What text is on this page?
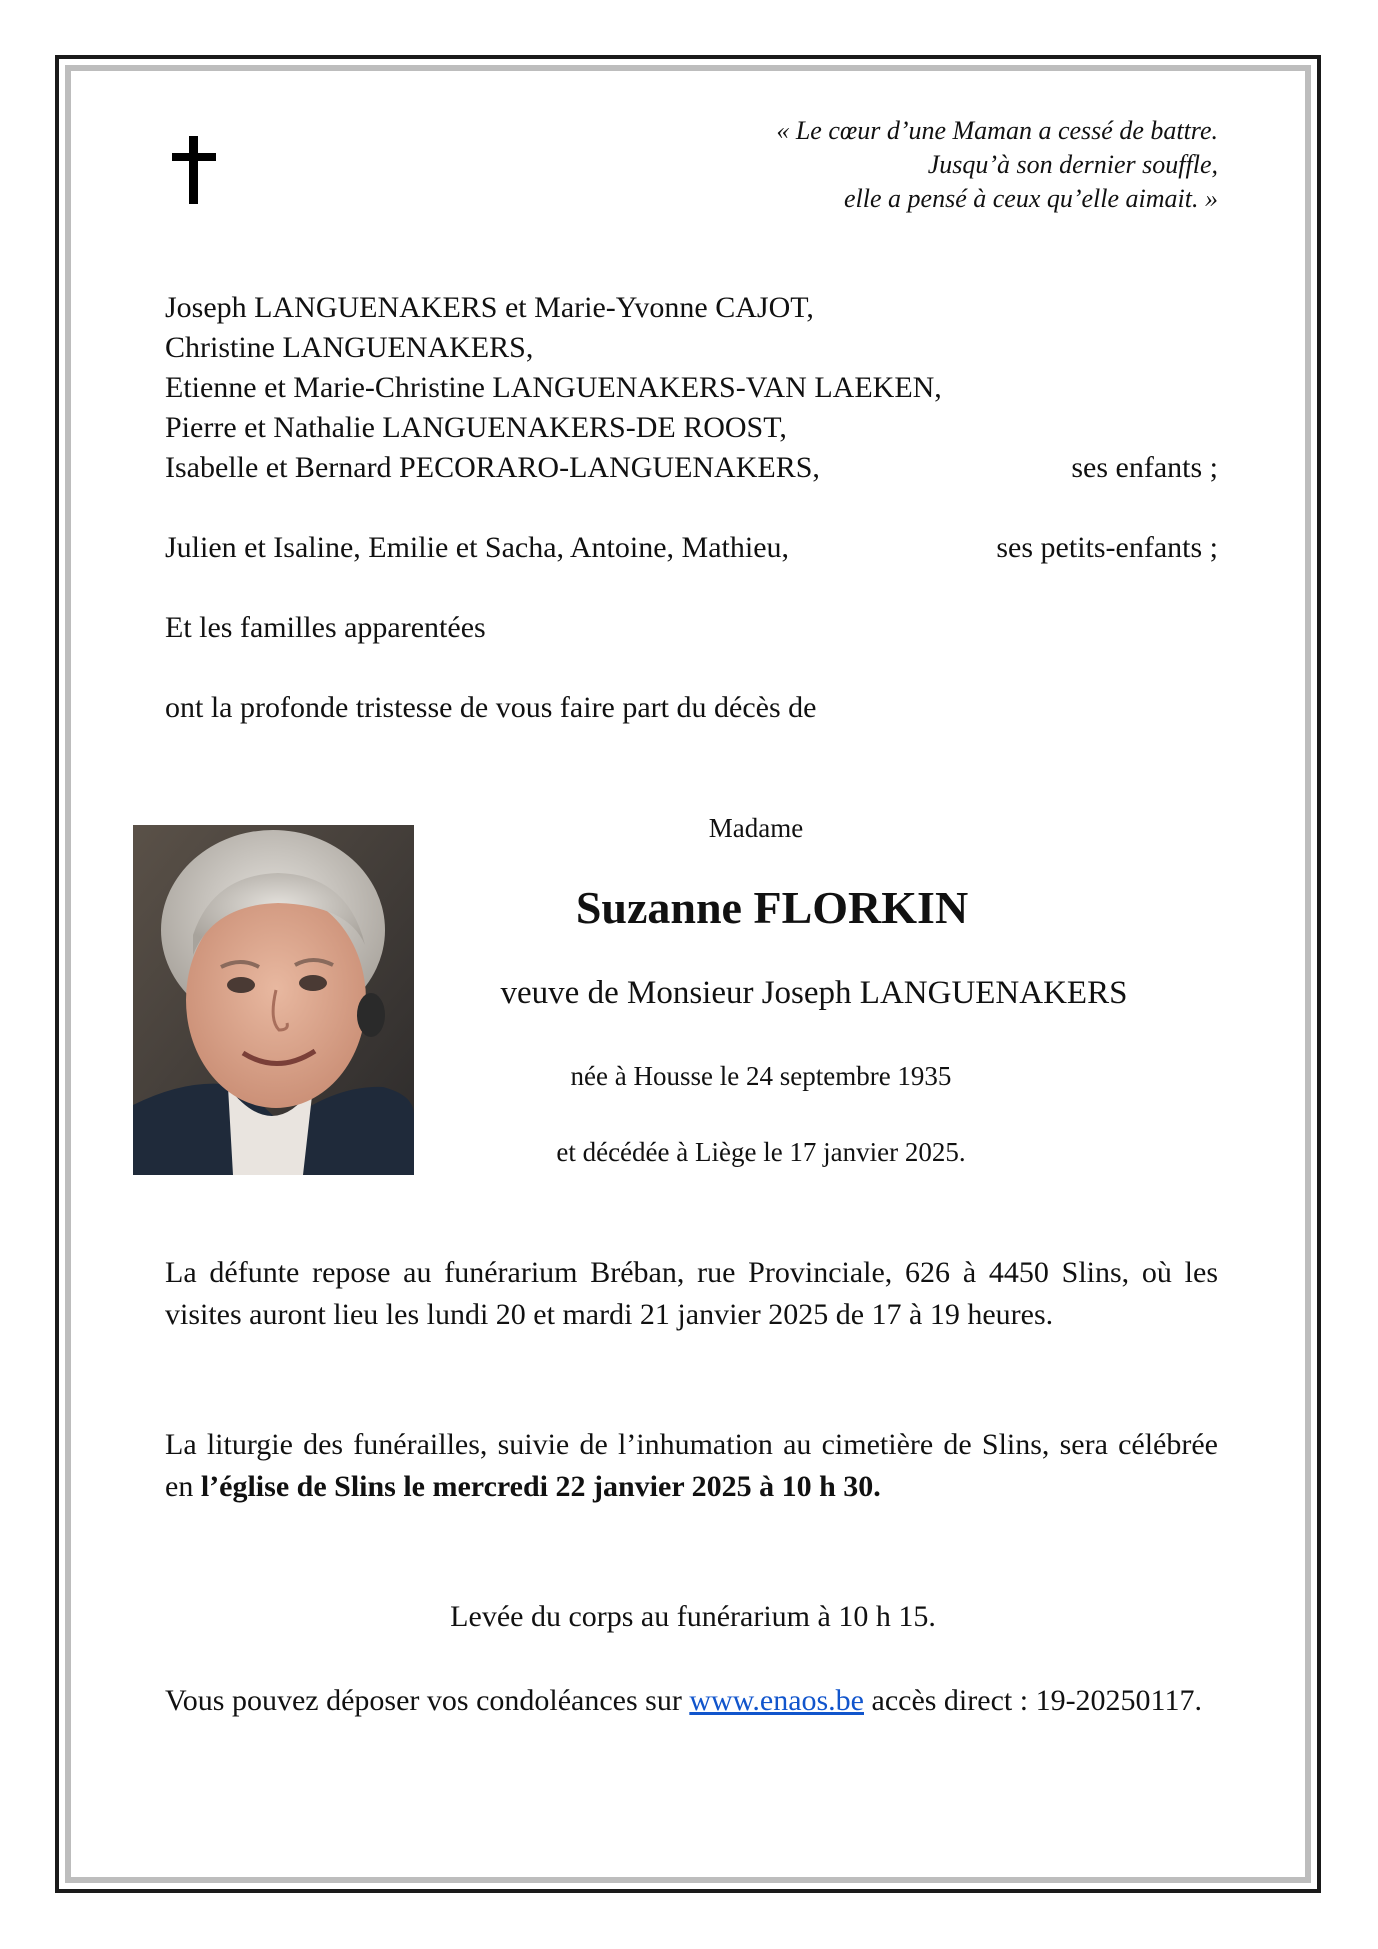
« Le cœur d’une Maman a cessé de battre.
Jusqu’à son dernier souffle,
elle a pensé à ceux qu’elle aimait. »
Joseph LANGUENAKERS et Marie-Yvonne CAJOT,
Christine LANGUENAKERS,
Etienne et Marie-Christine LANGUENAKERS-VAN LAEKEN,
Pierre et Nathalie LANGUENAKERS-DE ROOST,
Isabelle et Bernard PECORARO-LANGUENAKERS,	ses enfants ;
Julien et Isaline, Emilie et Sacha, Antoine, Mathieu,	ses petits-enfants ;
Et les familles apparentées
ont la profonde tristesse de vous faire part du décès de
Madame
Suzanne FLORKIN
veuve de Monsieur Joseph LANGUENAKERS
née à Housse le 24 septembre 1935
et décédée à Liège le 17 janvier 2025.
La défunte repose au funérarium Bréban, rue Provinciale, 626 à 4450 Slins, où les visites auront lieu les lundi 20 et mardi 21 janvier 2025 de 17 à 19 heures.
La liturgie des funérailles, suivie de l’inhumation au cimetière de Slins, sera célébrée en l’église de Slins le mercredi 22 janvier 2025 à 10 h 30.
Levée du corps au funérarium à 10 h 15.
Vous pouvez déposer vos condoléances sur www.enaos.be accès direct : 19-20250117.
